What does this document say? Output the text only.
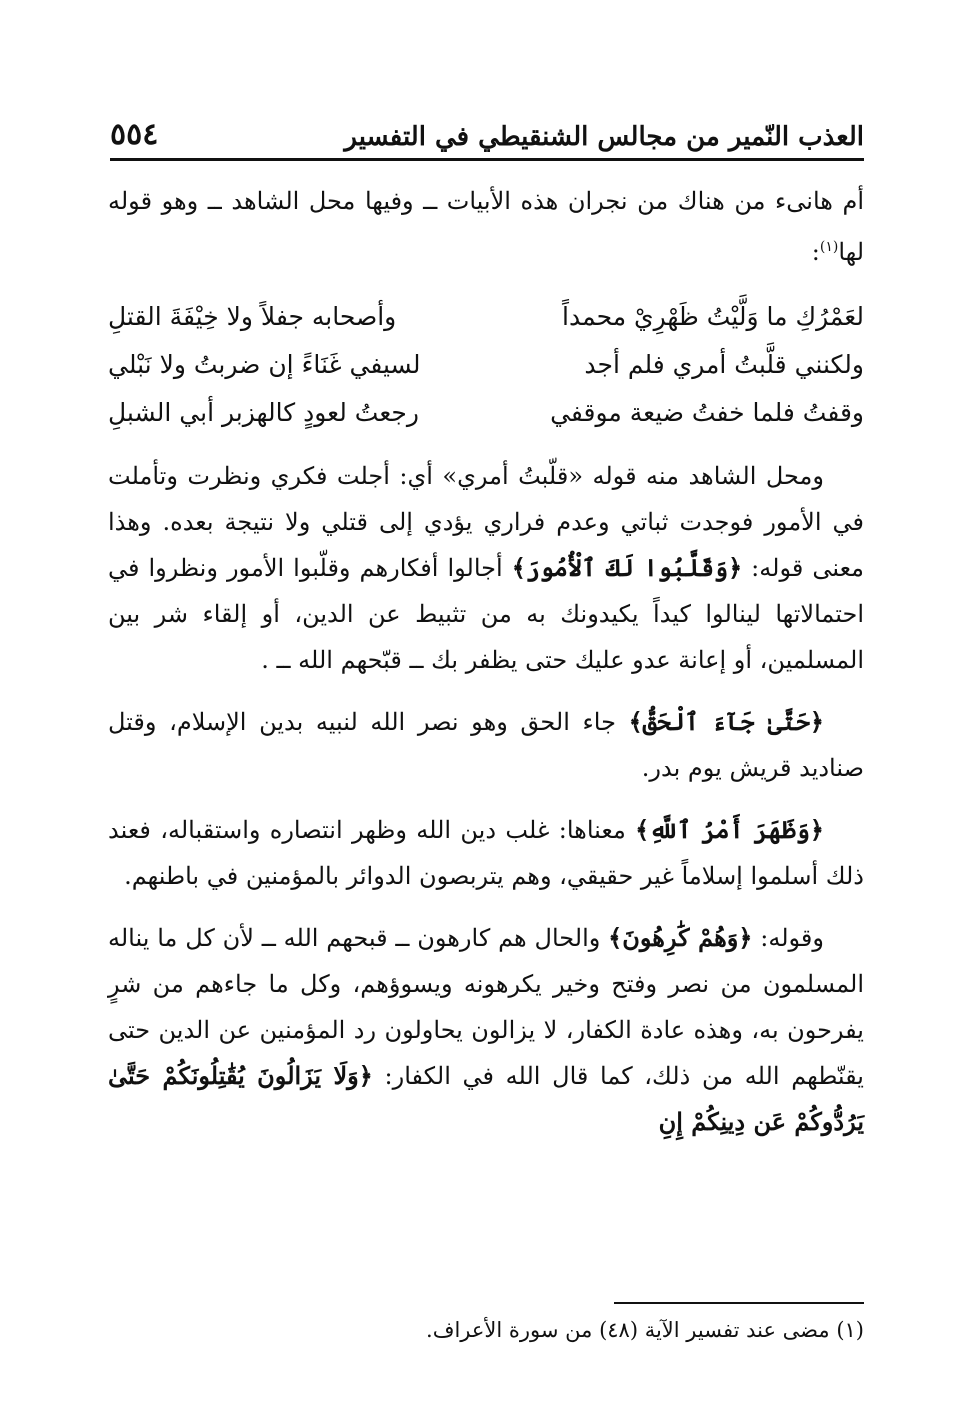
العذب النّمير من مجالس الشنقيطي في التفسير
٥٥٤

أم هانىء من هناك من نجران هذه الأبيات ــ وفيها محل الشاهد ــ وهو قوله لها$^{(١)}$:

لعَمْرُكِ ما وَلَّيْتُ ظَهْرِيْ محمداً
وأصحابه جفلاً ولا خِيْفَةَ القتلِ
ولكنني قلَّبتُ أمري فلم أجد
لسيفي غَنَاءً إن ضربتُ ولا نَبْلي
وقفتُ فلما خفتُ ضيعة موقفي
رجعتُ لعودٍ كالهزبر أبي الشبلِ

ومحل الشاهد منه قوله «قلّبتُ أمري» أي: أجلت فكري ونظرت وتأملت في الأمور فوجدت ثباتي وعدم فراري يؤدي إلى قتلي ولا نتيجة بعده. وهذا معنى قوله: ﴿وَقَلَّبُوا لَكَ ٱلْأُمُورَ﴾ أجالوا أفكارهم وقلّبوا الأمور ونظروا في احتمالاتها لينالوا كيداً يكيدونك به من تثبيط عن الدين، أو إلقاء شر بين المسلمين، أو إعانة عدو عليك حتى يظفر بك ــ قبّحهم الله ــ .

﴿حَتَّىٰ جَآءَ ٱلْحَقُّ﴾ جاء الحق وهو نصر الله لنبيه بدين الإسلام، وقتل صناديد قريش يوم بدر.

﴿وَظَهَرَ أَمْرُ ٱللَّهِ﴾ معناها: غلب دين الله وظهر انتصاره واستقباله، فعند ذلك أسلموا إسلاماً غير حقيقي، وهم يتربصون الدوائر بالمؤمنين في باطنهم.

وقوله: ﴿وَهُمْ كَٰرِهُونَ﴾ والحال هم كارهون ــ قبحهم الله ــ لأن كل ما يناله المسلمون من نصر وفتح وخير يكرهونه ويسوؤهم، وكل ما جاءهم من شرٍ يفرحون به، وهذه عادة الكفار، لا يزالون يحاولون رد المؤمنين عن الدين حتى يقنّطهم الله من ذلك، كما قال الله في الكفار: ﴿وَلَا يَزَالُونَ يُقَٰتِلُونَكُمْ حَتَّىٰ يَرُدُّوكُمْ عَن دِينِكُمْ إِنِ

(١) مضى عند تفسير الآية (٤٨) من سورة الأعراف.
